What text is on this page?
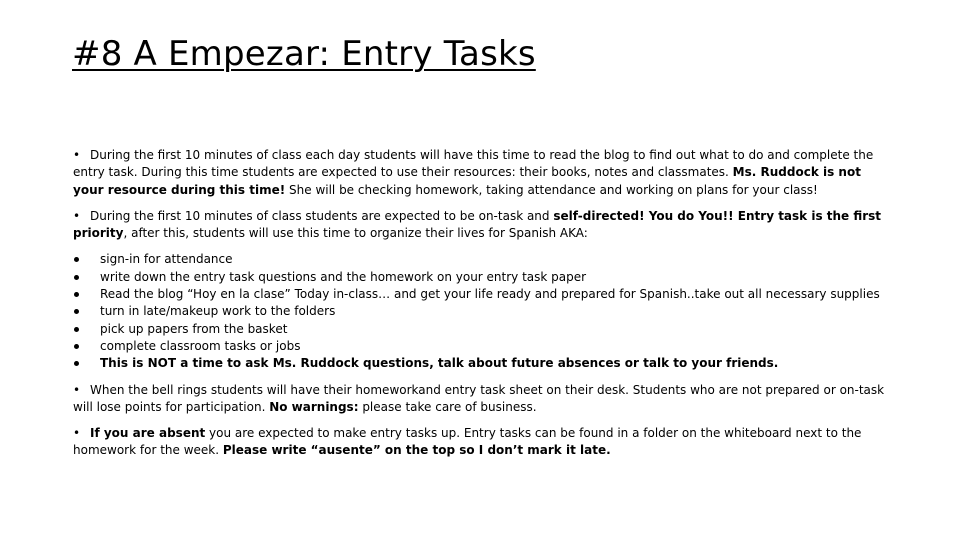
#8 A Empezar: Entry Tasks

• During the first 10 minutes of class each day students will have this time to read the blog to find out what to do and complete the entry task. During this time students are expected to use their resources: their books, notes and classmates. Ms. Ruddock is not your resource during this time! She will be checking homework, taking attendance and working on plans for your class!

• During the first 10 minutes of class students are expected to be on-task and self-directed! You do You!! Entry task is the first priority, after this, students will use this time to organize their lives for Spanish AKA:

sign-in for attendance
write down the entry task questions and the homework on your entry task paper
Read the blog “Hoy en la clase” Today in-class… and get your life ready and prepared for Spanish..take out all necessary supplies
turn in late/makeup work to the folders
pick up papers from the basket
complete classroom tasks or jobs
This is NOT a time to ask Ms. Ruddock questions, talk about future absences or talk to your friends.

• When the bell rings students will have their homeworkand entry task sheet on their desk. Students who are not prepared or on-task will lose points for participation. No warnings: please take care of business.

• If you are absent you are expected to make entry tasks up. Entry tasks can be found in a folder on the whiteboard next to the homework for the week. Please write “ausente” on the top so I don’t mark it late.
